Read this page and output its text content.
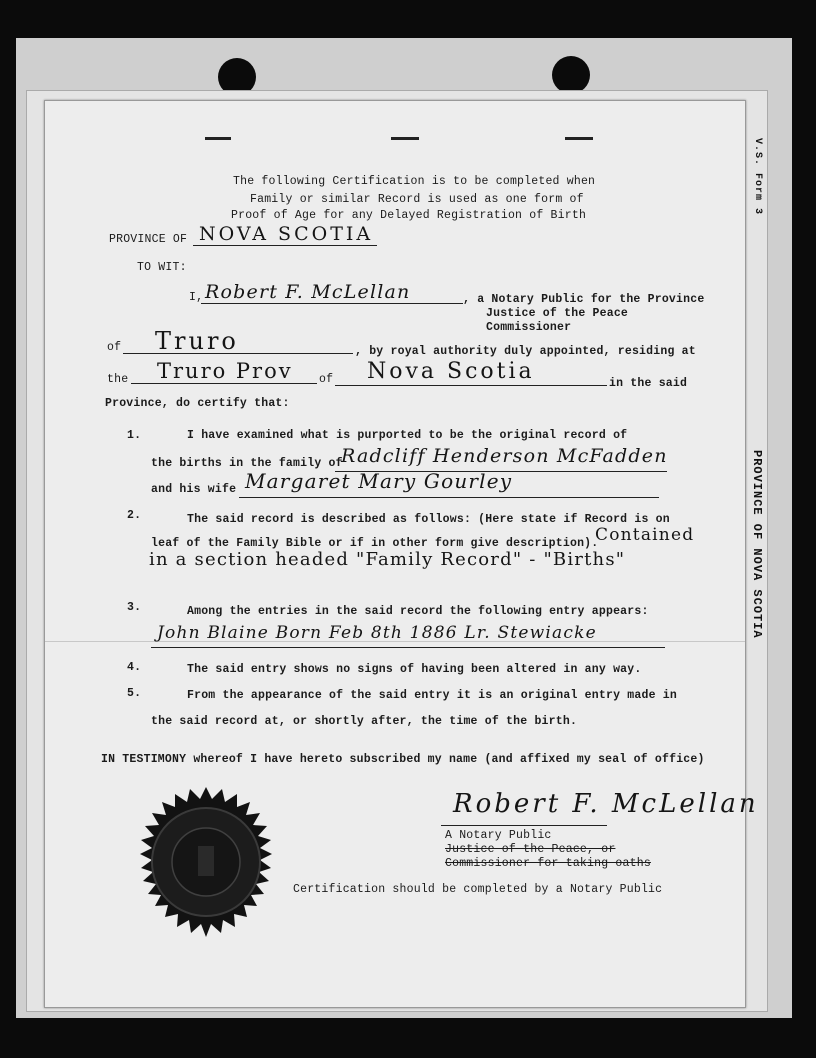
V.S. Form 3
PROVINCE OF NOVA SCOTIA
The following Certification is to be completed when
Family or similar Record is used as one form of
Proof of Age for any Delayed Registration of Birth
PROVINCE OF NOVA SCOTIA
TO WIT:
I, Robert F. McLellan	, a Notary Public for the Province
Justice of the Peace
Commissioner
of Truro	, by royal authority duly appointed, residing at
the Truro Prov of Nova Scotia	in the said
Province, do certify that:
1.	I have examined what is purported to be the original record of
the births in the family of
Radcliff Henderson McFadden
and his wife Margaret Mary Gourley
2.	The said record is described as follows: (Here state if Record is on
leaf of the Family Bible or if in other form give description).
Contained
in a section headed "Family Record" - "Births"
3.	Among the entries in the said record the following entry appears:
John Blaine Born Feb 8th 1886 Lr. Stewiacke
4.	The said entry shows no signs of having been altered in any way.
5.	From the appearance of the said entry it is an original entry made in
the said record at, or shortly after, the time of the birth.
IN TESTIMONY whereof I have hereto subscribed my name (and affixed my seal of office)
Robert F. McLellan
A Notary Public
Justice of the Peace, or
Commissioner for taking oaths
Certification should be completed by a Notary Public
